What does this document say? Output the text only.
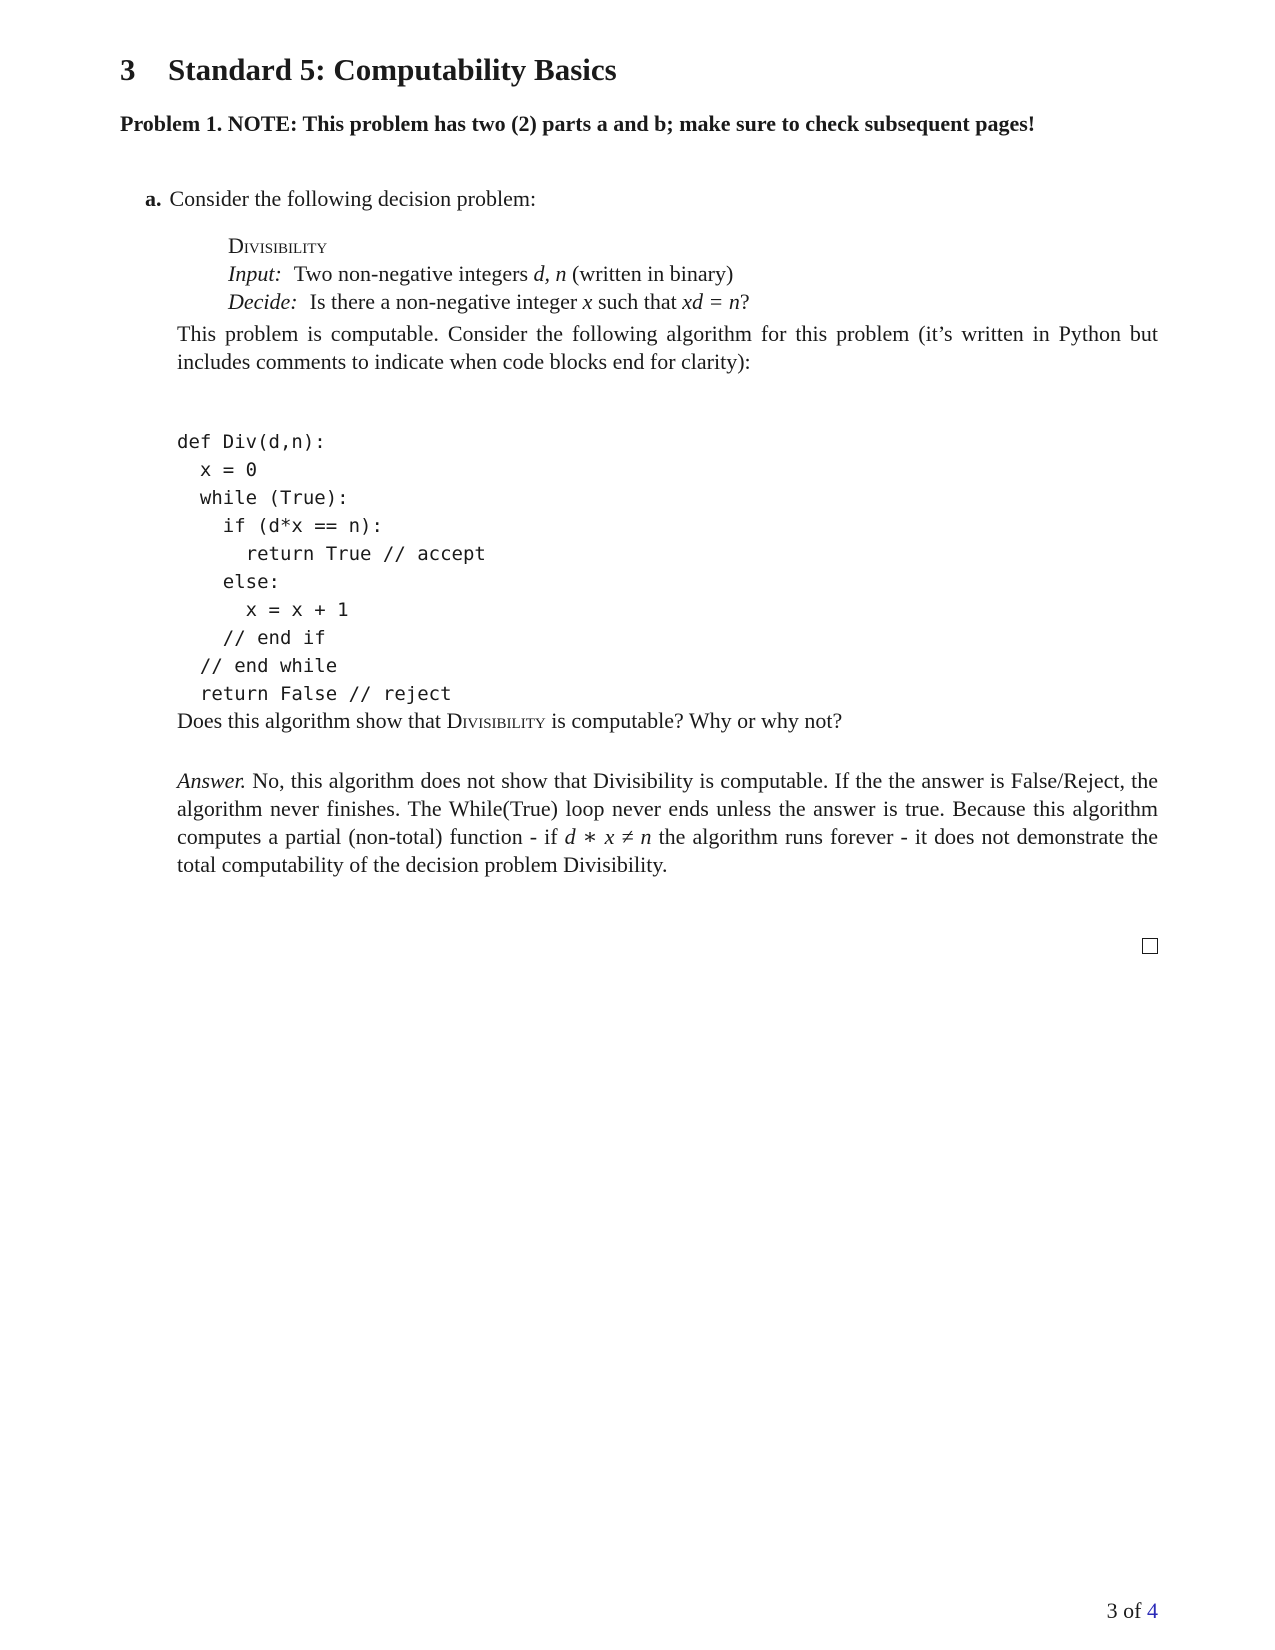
3 Standard 5: Computability Basics
Problem 1. NOTE: This problem has two (2) parts a and b; make sure to check subsequent pages!
a. Consider the following decision problem:
Divisibility
Input: Two non-negative integers d, n (written in binary)
Decide: Is there a non-negative integer x such that xd = n?
This problem is computable. Consider the following algorithm for this problem (it’s written in Python but includes comments to indicate when code blocks end for clarity):
def Div(d,n):
x = 0
while (True):
if (d*x == n):
return True // accept
else:
x = x + 1
// end if
// end while
return False // reject
Does this algorithm show that Divisibility is computable? Why or why not?
Answer. No, this algorithm does not show that Divisibility is computable. If the the answer is False/Reject, the algorithm never finishes. The While(True) loop never ends unless the answer is true. Because this algorithm computes a partial (non-total) function - if d ∗ x ≠ n the algorithm runs forever - it does not demonstrate the total computability of the decision problem Divisibility.
3 of 4
